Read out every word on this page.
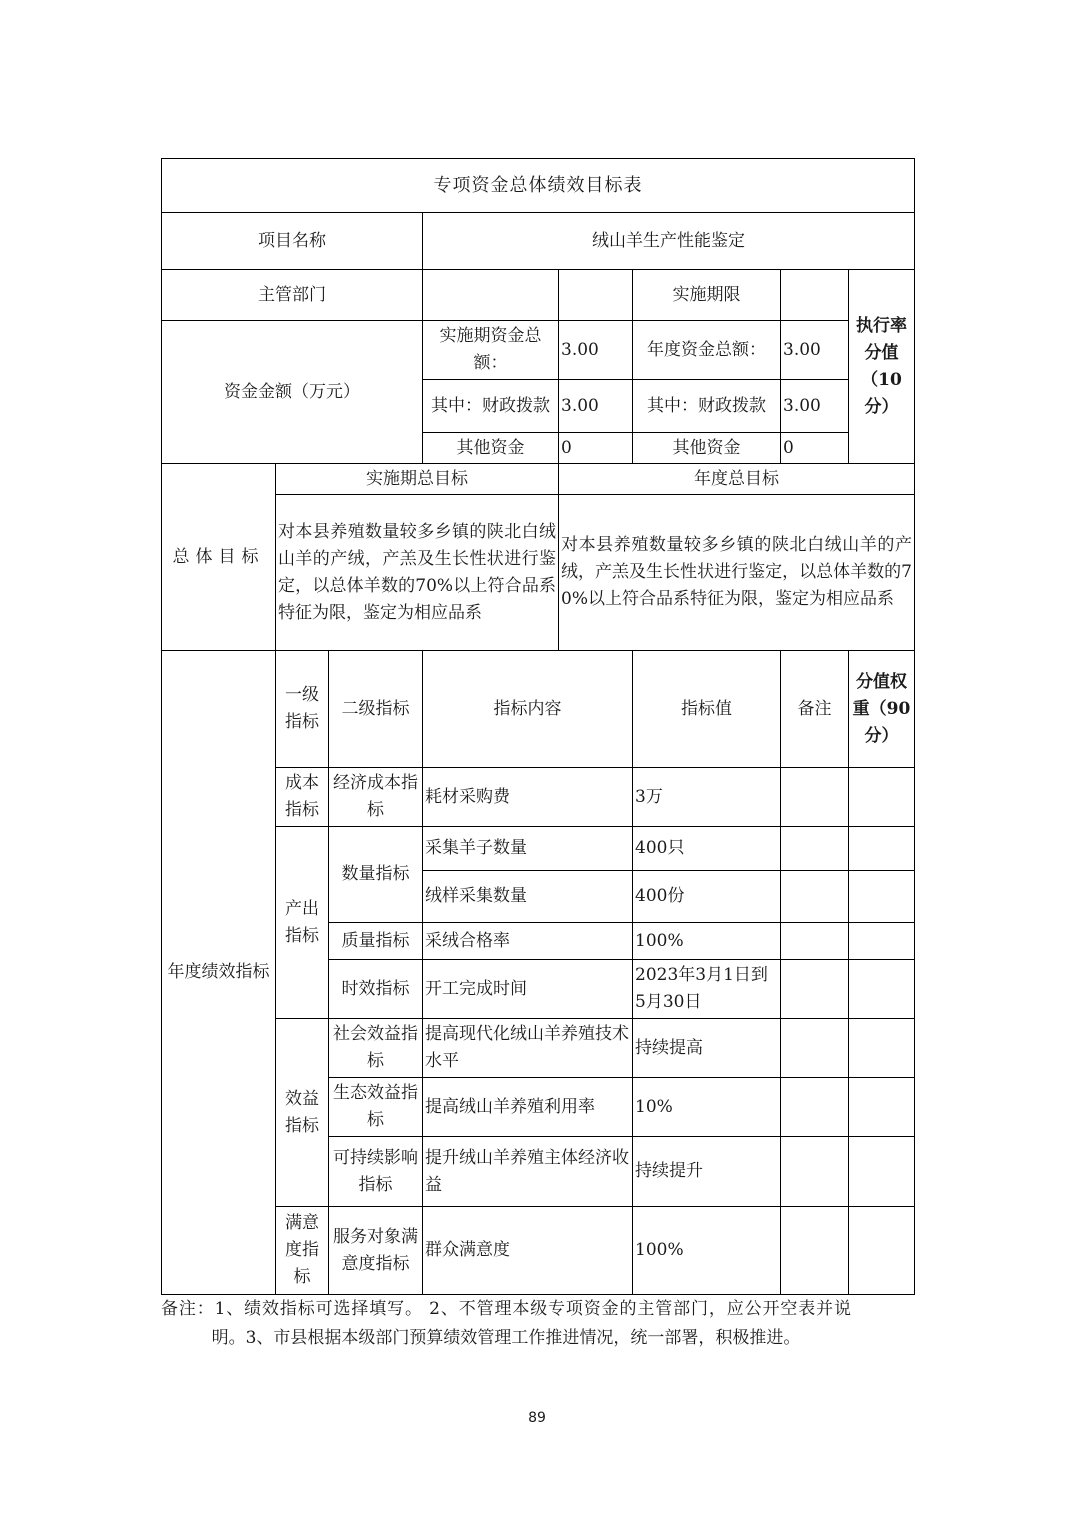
专项资金总体绩效目标表							
项目名称			绒山羊生产性能鉴定				
主管部门					实施期限		执行率分值（10分）
资金金额（万元）			实施期资金总额：	3.00	年度资金总额：	3.00	
			其中：财政拨款	3.00	其中：财政拨款	3.00	
			其他资金	0	其他资金	0	
总体目标	实施期总目标			年度总目标			
	对本县养殖数量较多乡镇的陕北白绒山羊的产绒，产羔及生长性状进行鉴定，以总体羊数的70%以上符合品系特征为限，鉴定为相应品系			对本县养殖数量较多乡镇的陕北白绒山羊的产绒，产羔及生长性状进行鉴定，以总体羊数的70%以上符合品系特征为限，鉴定为相应品系			
年度绩效指标	一级指标	二级指标	指标内容		指标值	备注	分值权重（90分）
	成本指标	经济成本指标	耗材采购费		3万		
	产出指标	数量指标	采集羊子数量		400只		
			绒样采集数量		400份		
		质量指标	采绒合格率		100%		
		时效指标	开工完成时间		2023年3月1日到5月30日		
	效益指标	社会效益指标	提高现代化绒山羊养殖技术水平		持续提高		
		生态效益指标	提高绒山羊养殖利用率		10%		
		可持续影响指标	提升绒山羊养殖主体经济收益		持续提升		
	满意度指标	服务对象满意度指标	群众满意度		100%		
备注：1、绩效指标可选择填写。 2、不管理本级专项资金的主管部门，应公开空表并说明。3、市县根据本级部门预算绩效管理工作推进情况，统一部署，积极推进。
89
